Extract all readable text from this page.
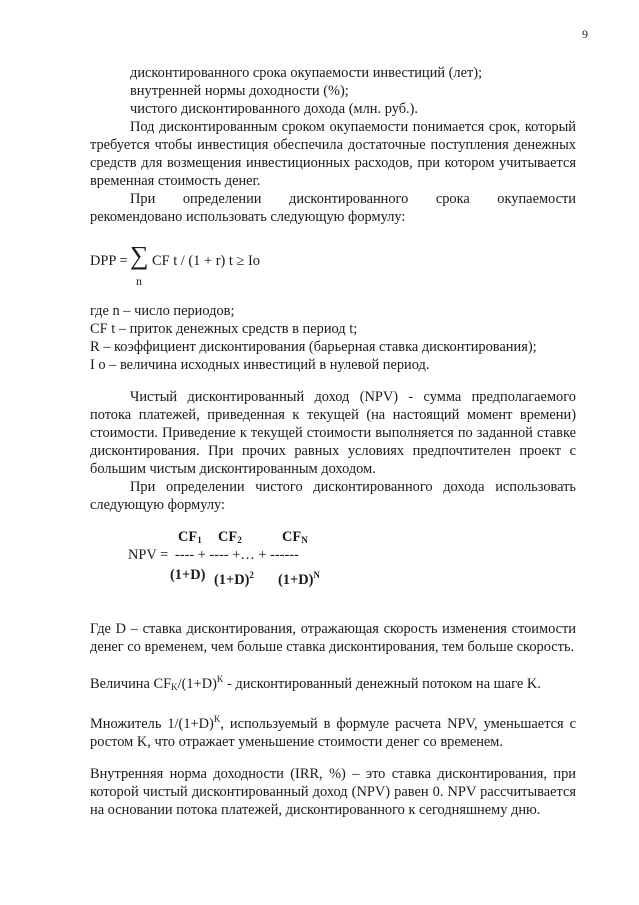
9

дисконтированного срока окупаемости инвестиций (лет);

внутренней нормы доходности (%);

чистого дисконтированного дохода (млн. руб.).

Под дисконтированным сроком окупаемости понимается срок, который требуется чтобы инвестиция обеспечила достаточные поступления денежных средств для возмещения инвестиционных расходов, при котором учитывается временная стоимость денег.

При определении дисконтированного срока окупаемости рекомендовано использовать следующую формулу:

DPP = ∑
n
CF t / (1 + r) t ≥ Io

где n – число периодов;

CF t – приток денежных средств в период t;

R – коэффициент дисконтирования (барьерная ставка дисконтирования);

I o – величина исходных инвестиций в нулевой период.

Чистый дисконтированный доход (NPV) - сумма предполагаемого потока платежей, приведенная к текущей (на настоящий момент времени) стоимости. Приведение к текущей стоимости выполняется по заданной ставке дисконтирования. При прочих равных условиях предпочтителен проект с большим чистым дисконтированным доходом.

При определении чистого дисконтированного дохода использовать следующую формулу:

$CF_1$ $CF_2$	$CF_N$
NPV = ---- + ---- +… + ------
(1+D) $(1+D)^2$ $(1+D)^N$

Где D – ставка дисконтирования, отражающая скорость изменения стоимости денег со временем, чем больше ставка дисконтирования, тем больше скорость.

Величина $CF_K/(1+D)^K$ - дисконтированный денежный потоком на шаге K.

Множитель $1/(1+D)^K$, используемый в формуле расчета NPV, уменьшается с ростом K, что отражает уменьшение стоимости денег со временем.

Внутренняя норма доходности (IRR, %) – это ставка дисконтирования, при которой чистый дисконтированный доход (NPV) равен 0. NPV рассчитывается на основании потока платежей, дисконтированного к сегодняшнему дню.
